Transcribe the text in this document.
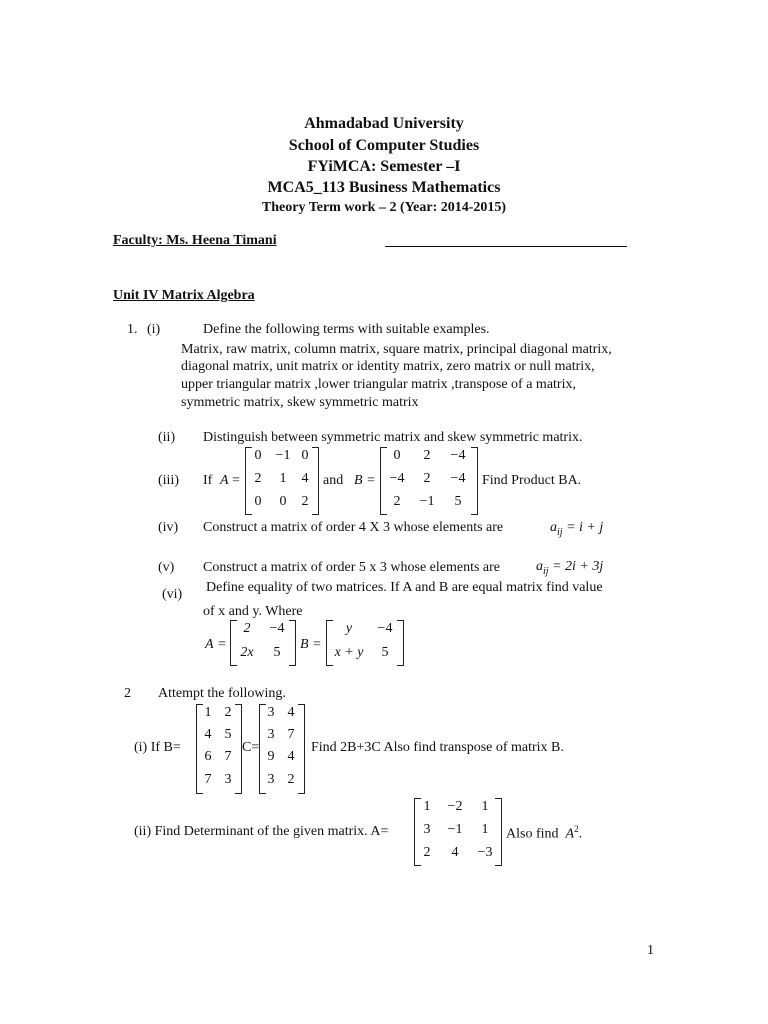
Ahmadabad University
School of Computer Studies
FYiMCA: Semester –I
MCA5_113 Business Mathematics
Theory Term work – 2 (Year: 2014-2015)
Faculty: Ms. Heena Timani
Unit IV Matrix Algebra
1. (i)	Define the following terms with suitable examples.
Matrix, raw matrix, column matrix, square matrix, principal diagonal matrix,
diagonal matrix, unit matrix or identity matrix, zero matrix or null matrix,
upper triangular matrix ,lower triangular matrix ,transpose of a matrix,
symmetric matrix, skew symmetric matrix
(ii) Distinguish between symmetric matrix and skew symmetric matrix.
(iii) If A =
0	−1 0
2	1	4
0	0	2
and B =
0	2	−4
−4	2	−4
2	−1	5
Find Product BA.
(iv) Construct a matrix of order 4 X 3 whose elements are	$a_{ij} = i + j$
(v) Construct a matrix of order 5 x 3 whose elements are	$a_{ij} = 2i + 3j$
(vi) Define equality of two matrices. If A and B are equal matrix find value
of x and y. Where
A =
2	−4
2x	5
B =
y	−4
x + y	5
2 Attempt the following.
(i) If B=
1 2
4 5
6 7
7 3
C=
3 4
3 7
9 4
3 2
Find 2B+3C Also find transpose of matrix B.
(ii) Find Determinant of the given matrix. A=
1	−2	1
3	−1	1
2	4	−3
Also find $A^2$.
1
